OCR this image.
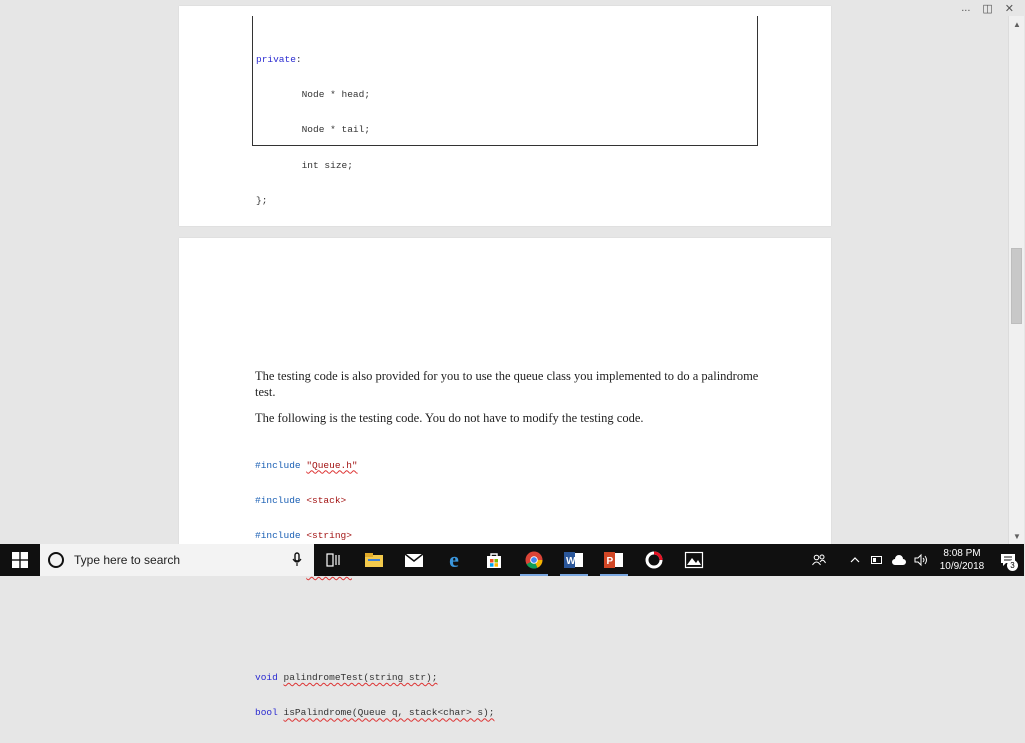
... ◫ ✕

private:

Node * head;

Node * tail;

int size;

};

The testing code is also provided for you to use the queue class you implemented to do a palindrome test.

The following is the testing code. You do not have to modify the testing code.

#include "Queue.h"

#include <stack>

#include <string>

void palindromeTest(string str);

bool isPalindrome(Queue q, stack<char> s);

▲
▼
Type here to search	e	W	P
8:08 PM
10/9/2018	3
